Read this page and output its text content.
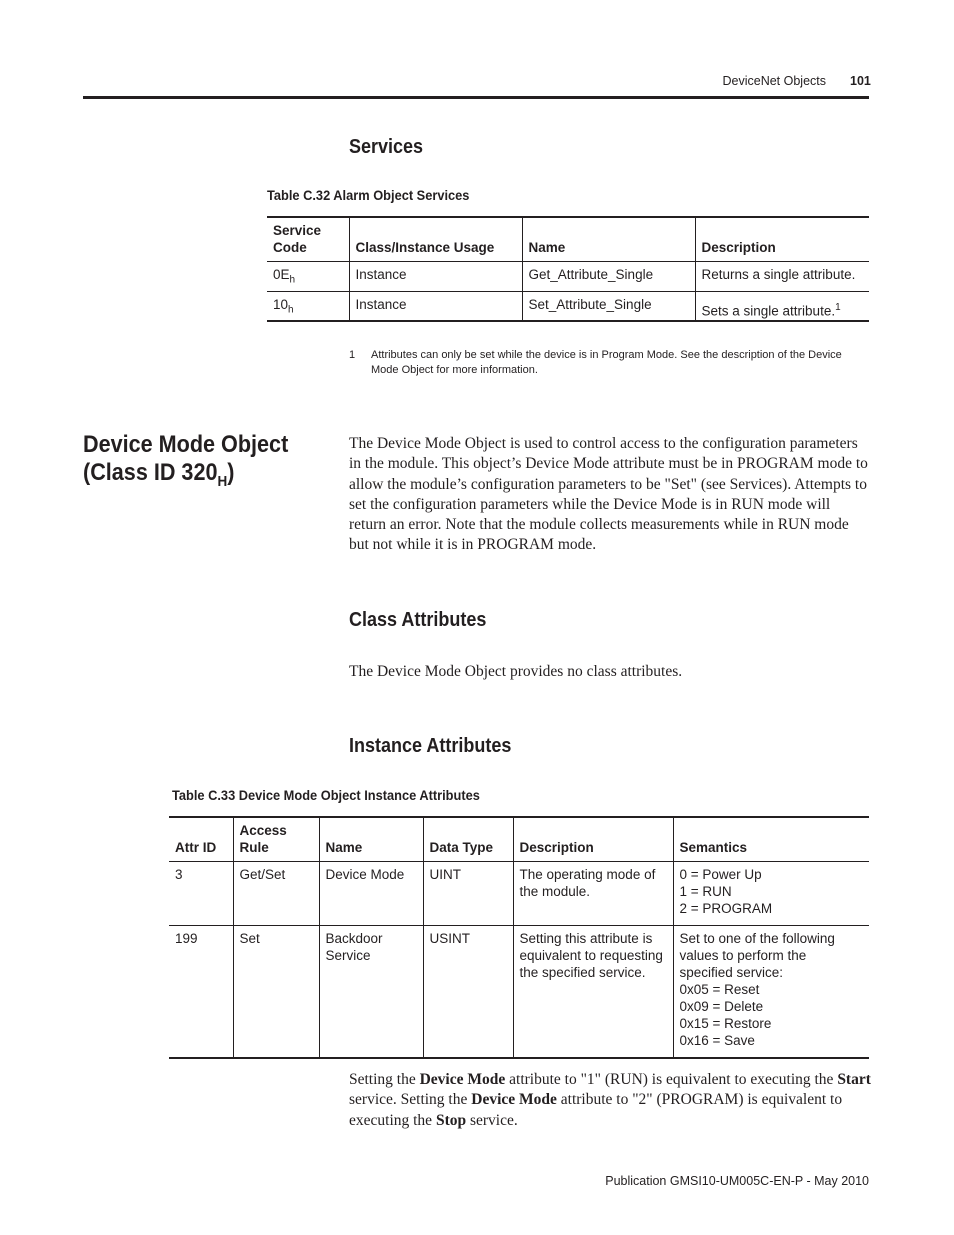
DeviceNet Objects 101
Services
Table C.32 Alarm Object Services
Service Code	Class/Instance Usage	Name	Description
$0E_h$	Instance	Get_Attribute_Single	Returns a single attribute.
$10_h$	Instance	Set_Attribute_Single	Sets a single attribute.$^1$
1 Attributes can only be set while the device is in Program Mode. See the description of the Device Mode Object for more information.
Device Mode Object
(Class ID $320_H$)
The Device Mode Object is used to control access to the configuration parameters in the module. This object’s Device Mode attribute must be in PROGRAM mode to allow the module’s configuration parameters to be "Set" (see Services). Attempts to set the configuration parameters while the Device Mode is in RUN mode will return an error. Note that the module collects measurements while in RUN mode but not while it is in PROGRAM mode.
Class Attributes
The Device Mode Object provides no class attributes.
Instance Attributes
Table C.33 Device Mode Object Instance Attributes
Attr ID	Access Rule	Name	Data Type	Description	Semantics
3	Get/Set	Device Mode	UINT	The operating mode of the module.	0 = Power Up
1 = RUN
2 = PROGRAM

199	Set	Backdoor Service	USINT	Setting this attribute is equivalent to requesting the specified service.	Set to one of the following values to perform the specified service:
0x05 = Reset
0x09 = Delete
0x15 = Restore
0x16 = Save
Setting the Device Mode attribute to "1" (RUN) is equivalent to executing the Start service. Setting the Device Mode attribute to "2" (PROGRAM) is equivalent to executing the Stop service.
Publication GMSI10-UM005C-EN-P - May 2010
